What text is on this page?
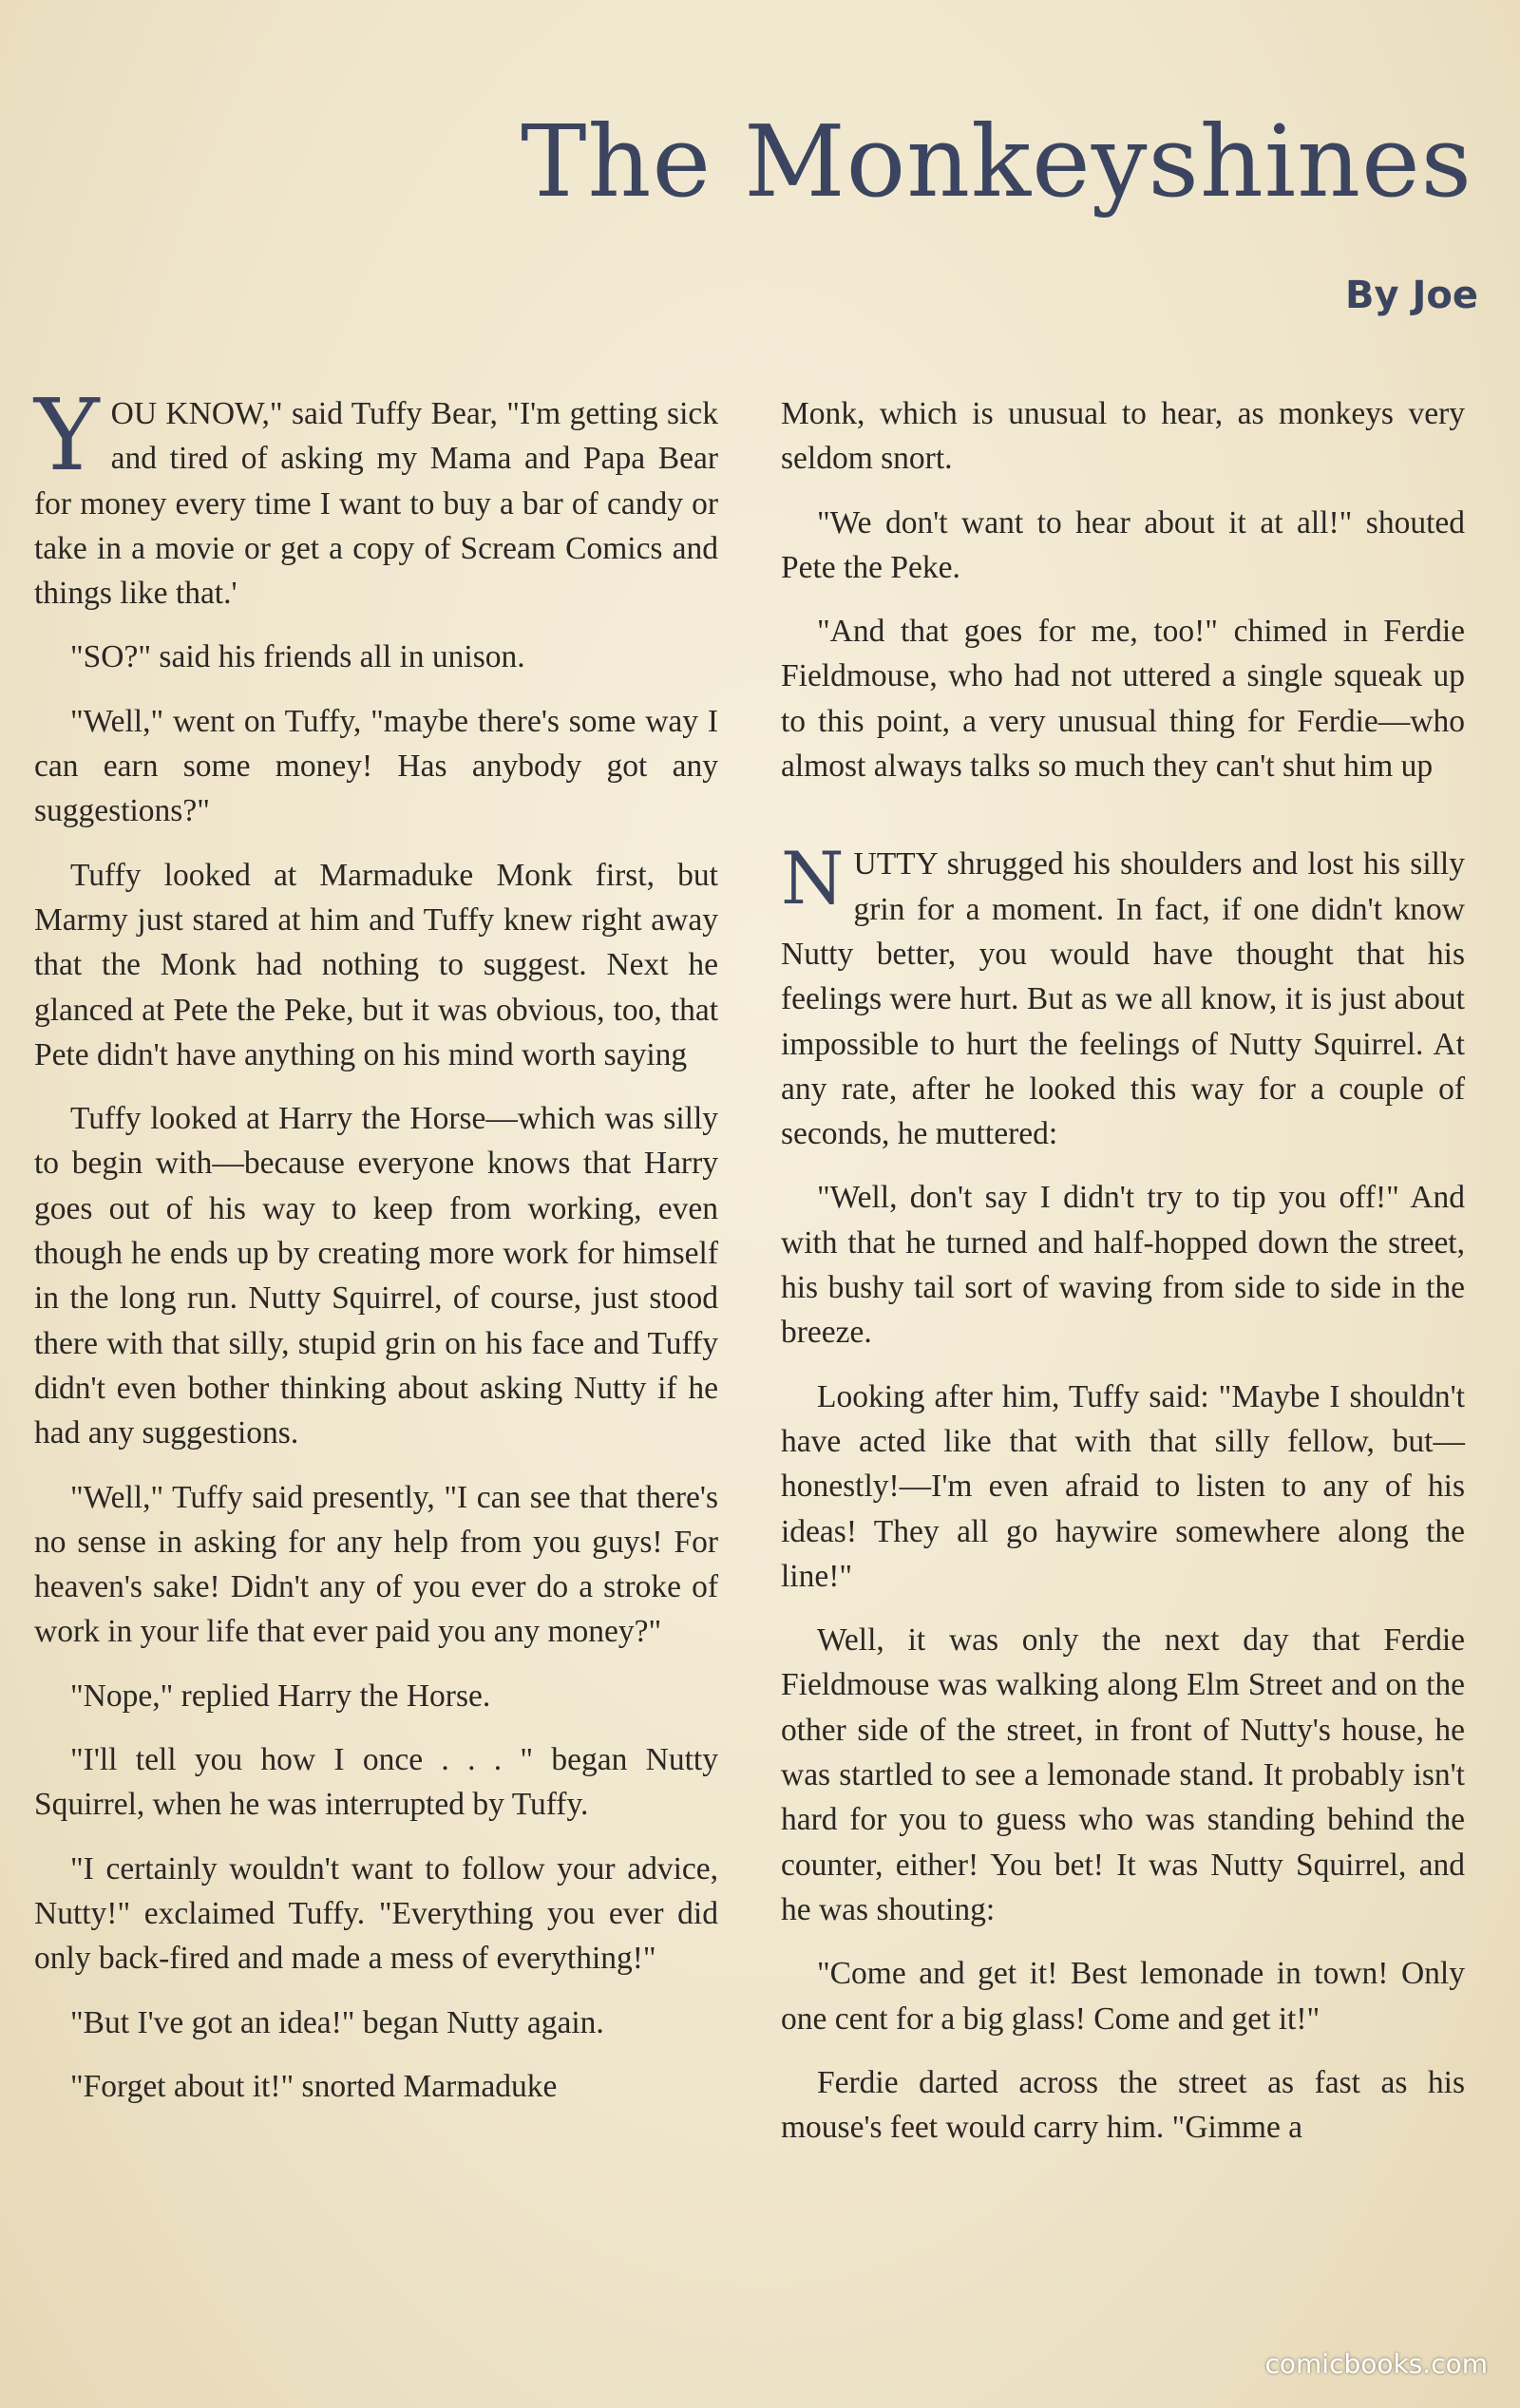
The Monkeyshines

By Joe

YOU KNOW," said Tuffy Bear, "I'm getting sick and tired of asking my Mama and Papa Bear for money every time I want to buy a bar of candy or take in a movie or get a copy of Scream Comics and things like that.'

"SO?" said his friends all in unison.

"Well," went on Tuffy, "maybe there's some way I can earn some money! Has anybody got any suggestions?"

Tuffy looked at Marmaduke Monk first, but Marmy just stared at him and Tuffy knew right away that the Monk had nothing to suggest. Next he glanced at Pete the Peke, but it was obvious, too, that Pete didn't have anything on his mind worth saying

Tuffy looked at Harry the Horse—which was silly to begin with—because everyone knows that Harry goes out of his way to keep from working, even though he ends up by creating more work for himself in the long run. Nutty Squirrel, of course, just stood there with that silly, stupid grin on his face and Tuffy didn't even bother thinking about asking Nutty if he had any suggestions.

"Well," Tuffy said presently, "I can see that there's no sense in asking for any help from you guys! For heaven's sake! Didn't any of you ever do a stroke of work in your life that ever paid you any money?"

"Nope," replied Harry the Horse.

"I'll tell you how I once . . . " began Nutty Squirrel, when he was interrupted by Tuffy.

"I certainly wouldn't want to follow your advice, Nutty!" exclaimed Tuffy. "Everything you ever did only back-fired and made a mess of everything!"

"But I've got an idea!" began Nutty again.

"Forget about it!" snorted Marmaduke

Monk, which is unusual to hear, as monkeys very seldom snort.

"We don't want to hear about it at all!" shouted Pete the Peke.

"And that goes for me, too!" chimed in Ferdie Fieldmouse, who had not uttered a single squeak up to this point, a very unusual thing for Ferdie—who almost always talks so much they can't shut him up

NUTTY shrugged his shoulders and lost his silly grin for a moment. In fact, if one didn't know Nutty better, you would have thought that his feelings were hurt. But as we all know, it is just about impossible to hurt the feelings of Nutty Squirrel. At any rate, after he looked this way for a couple of seconds, he muttered:

"Well, don't say I didn't try to tip you off!" And with that he turned and half-hopped down the street, his bushy tail sort of waving from side to side in the breeze.

Looking after him, Tuffy said: "Maybe I shouldn't have acted like that with that silly fellow, but—honestly!—I'm even afraid to listen to any of his ideas! They all go haywire somewhere along the line!"

Well, it was only the next day that Ferdie Fieldmouse was walking along Elm Street and on the other side of the street, in front of Nutty's house, he was startled to see a lemonade stand. It probably isn't hard for you to guess who was standing behind the counter, either! You bet! It was Nutty Squirrel, and he was shouting:

"Come and get it! Best lemonade in town! Only one cent for a big glass! Come and get it!"

Ferdie darted across the street as fast as his mouse's feet would carry him. "Gimme a

comicbooks.com
